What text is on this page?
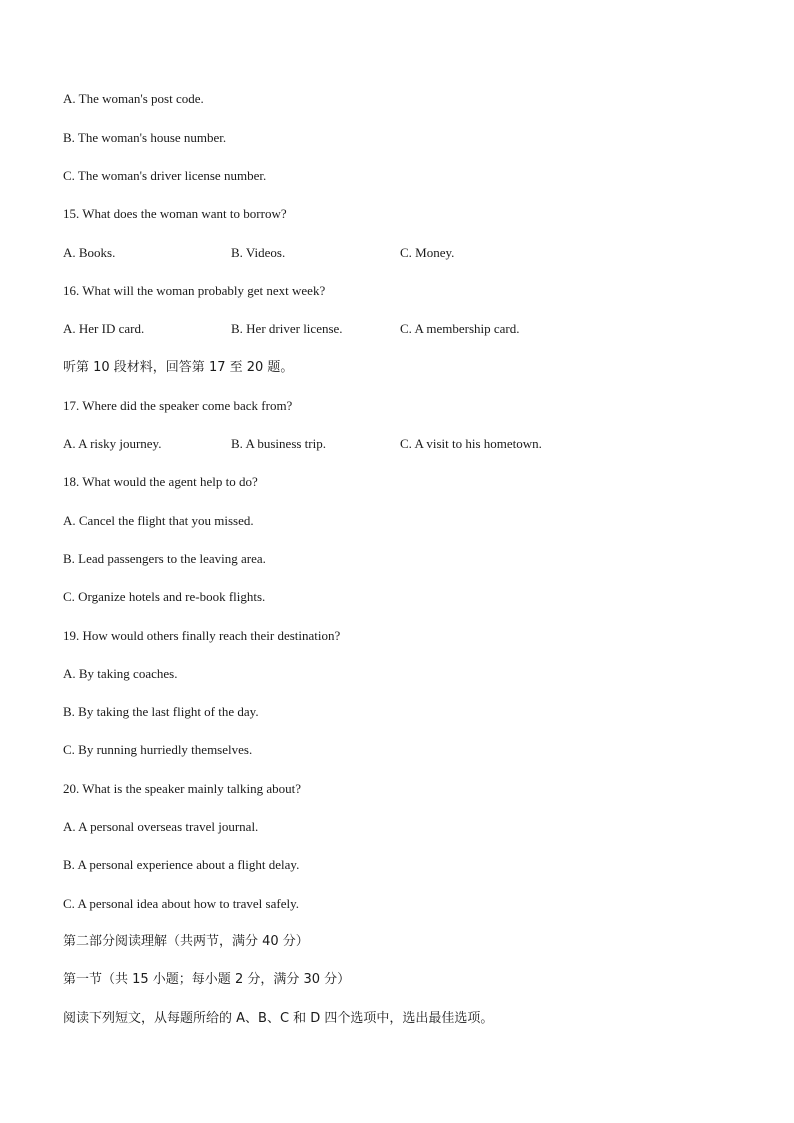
A. The woman's post code.
B. The woman's house number.
C. The woman's driver license number.
15. What does the woman want to borrow?
A. Books.	B. Videos.	C. Money.
16. What will the woman probably get next week?
A. Her ID card.	B. Her driver license.	C. A membership card.
听第 10 段材料，回答第 17 至 20 题。
17. Where did the speaker come back from?
A. A risky journey.	B. A business trip.	C. A visit to his hometown.
18. What would the agent help to do?
A. Cancel the flight that you missed.
B. Lead passengers to the leaving area.
C. Organize hotels and re-book flights.
19. How would others finally reach their destination?
A. By taking coaches.
B. By taking the last flight of the day.
C. By running hurriedly themselves.
20. What is the speaker mainly talking about?
A. A personal overseas travel journal.
B. A personal experience about a flight delay.
C. A personal idea about how to travel safely.
第二部分阅读理解（共两节，满分 40 分）
第一节（共 15 小题；每小题 2 分，满分 30 分）
阅读下列短文，从每题所给的 A、B、C 和 D 四个选项中，选出最佳选项。
